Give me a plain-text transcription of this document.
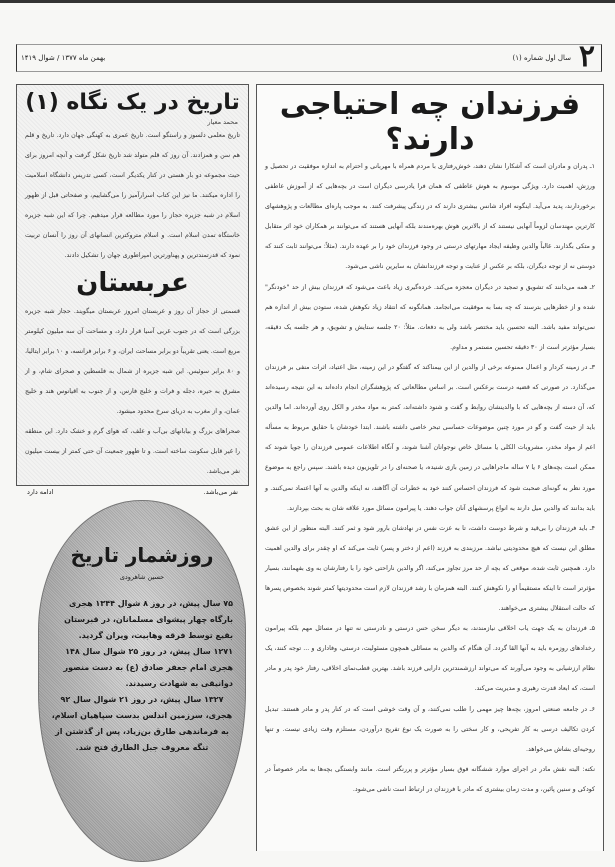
۲
سال اول شماره (۱)
بهمن ماه ۱۳۷۷ / شوال ۱۴۱۹
فرزندان چه احتیاجی دارند؟

۱ـ پدران و مادران است که آشکارا نشان دهند، خوش‌رفتاری با مردم همراه با مهربانی و احترام به اندازه موفقیت در تحصیل و ورزش، اهمیت دارد. ویژگی موسوم به هوش عاطفی که همان فرا یادرسی دیگران است در بچه‌هایی که از آموزش عاطفی برخوردارند، پدید می‌آید. اینگونه افراد شانس بیشتری دارند که در زندگی پیشرفت کنند. به موجب پاره‌ای مطالعات و پژوهشهای کارترین مهندسان لزوماً آنهایی نیستند که از بالاترین هوش بهره‌مندند بلکه آنهایی هستند که می‌توانند بر همکاران خود اثر متقابل و متکی بگذارند. غالباً والدین وظیفه ایجاد مهارتهای درستی در وجود فرزندان خود را بر عهده دارند. (مثلاً: می‌توانند ثابت کنند که دوستی نه از توجه دیگران، بلکه بر عکس از عنایت و توجه فرزندانشان به سایرین ناشی می‌شود.

۲ـ همه می‌دانند که تشویق و تمجید در دیگران معجزه می‌کند. خرده‌گیری زیاد باعث می‌شود که فرزندان بیش از حد "خودنگر" شده و از خطرهایی بترسند که چه بسا به موفقیت می‌انجامد. همانگونه که انتقاد زیاد نکوهش شده، ستودن بیش از اندازه هم نمی‌تواند مفید باشد. البته تحسین باید مختصر باشد ولی به دفعات. مثلاً: ۲۰ جلسه ستایش و تشویق، و هر جلسه یک دقیقه، بسیار مؤثرتر است از ۳۰ دقیقه تحسین مستمر و مداوم.

۳ـ در زمینه کردار و اعمال ممنوعه برخی از والدین از این بیمناکند که گفتگو در این زمینه، مثل اعتیاد، اثرات منفی بر فرزندان می‌گذارد. در صورتی که قضیه درست برعکس است. بر اساس مطالعاتی که پژوهشگران انجام داده‌اند به این نتیجه رسیده‌اند که، آن دسته از بچه‌هایی که با والدینشان روابط و گفت و شنود داشته‌اند، کمتر به مواد مخدر و الکل روی آورده‌اند. اما والدین باید از حیث گفت و گو در مورد چنین موضوعات حساسی تبحر خاصی داشته باشند. ابتدا خودشان با حقایق مربوط به مسأله اعم از مواد مخدر، مشروبات الکلی یا مسائل خاص نوجوانان آشنا شوند، و آنگاه اطلاعات عمومی فرزندان را جویا شوند که ممکن است بچه‌های ۶ یا ۷ ساله ماجراهایی در زمین بازی شنیده، یا صحنه‌ای را در تلویزیون دیده باشند. سپس راجع به موضوع مورد نظر به گونه‌ای صحبت شود که فرزندان احساس کنند خود به خطرات آن آگاهند، نه اینکه والدین به آنها اعتماد نمی‌کنند. و باید بدانند که والدین میل دارند به انواع پرسشهای آنان جواب دهند. یا پیرامون مسائل مورد علاقه شان به بحث بپردازند.

۴ـ باید فرزندان را بی‌قید و شرط دوست داشت، تا به عزت نفس در نهادشان بارور شود و ثمر کنند. البته منظور از این عشق مطلق این نیست که هیچ محدودیتی نباشد. مرزبندی به فرزند (اعم از دختر و پسر) ثابت می‌کند که او چقدر برای والدین اهمیت دارد. همچنین ثابت شده، موقعی که بچه از حد مرز تجاوز می‌کند، اگر والدین ناراحتی خود را با رفتارشان به وی بفهمانند، بسیار مؤثرتر است تا اینکه مستقیماً او را نکوهش کنند. البته همزمان با رشد فرزندان لازم است محدودیتها کمتر شوند بخصوص پسرها که حالت استقلال بیشتری می‌خواهند.

۵ـ فرزندان به یک جهت یاب اخلاقی نیازمندند، به دیگر سخن حس درستی و نادرستی نه تنها در مسائل مهم بلکه پیرامون رخدادهای روزمره باید به آنها القا گردد. آن هنگام که والدین به مسائلی همچون مسئولیت، درستی، وفاداری و ... توجه کنند، یک نظام ارزشیابی به وجود می‌آورند که می‌تواند ارزشمندترین دارایی فرزند باشد. بهترین قطب‌نمای اخلاقی، رفتار خود پدر و مادر است، که ابعاد قدرت رهبری و مدیریت می‌کند.

۶ـ در جامعه صنعتی امروز، بچه‌ها چیز مهمی را طلب نمی‌کنند، و آن وقت خوشی است که در کنار پدر و مادر هستند. تبدیل کردن تکالیف درسی به کار تفریحی، و کار سختی را به صورت یک نوع تفریح درآوردن، مستلزم وقت زیادی نیست. و تنها روحیه‌ای بشاش می‌خواهد.

نکته: البته نقش مادر در اجرای موارد ششگانه فوق بسیار مؤثرتر و پررنگتر است. مانند وابستگی بچه‌ها به مادر خصوصاً در کودکی و سنین پائین، و مدت زمان بیشتری که مادر با فرزندان در ارتباط است ناشی می‌شود.

تاریخ در یک نگاه (۱)
محمد معیار

تاریخ معلمی دلسوز و راستگو است. تاریخ عمری به کهنگی جهان دارد. تاریخ و قلم هم سن و همزادند. آن روز که قلم متولد شد تاریخ شکل گرفت و آنچه امروز برای حیث مجموعه دو بار هستی در کنار یکدیگر است، کسی تدریس دانشگاه اسلامیت را اداره میکنند. ما نیز این کتاب اسرارآمیز را می‌گشاییم، و صفحاتی قبل از ظهور اسلام در شبه جزیره حجاز را مورد مطالعه قرار میدهیم. چرا که این شبه جزیره خاستگاه تمدن اسلام است. و اسلام متروکترین انسانهای آن روز را آنسان تربیت نمود که قدرتمندترین و پهناورترین امپراطوری جهان را تشکیل دادند.

عربستان

قسمتی از حجاز آن روز و عربستان امروز عربستان میگویند. حجاز شبه جزیره بزرگی است که در جنوب غربی آسیا قرار دارد، و مساحت آن سه میلیون کیلومتر مربع است. یعنی تقریباً دو برابر مساحت ایران، و ۶ برابر فرانسه، و ۱۰ برابر ایتالیا، و ۸۰ برابر سوئیس. این شبه جزیره از شمال به فلسطین و صحرای شام، و از مشرق به حیره، دجله و فرات و خلیج فارس، و از جنوب به اقیانوس هند و خلیج عمان، و از مغرب به دریای سرخ محدود میشود.

صحراهای بزرگ و بیابانهای بی‌آب و علف، که هوای گرم و خشک دارد. این منطقه را غیر قابل سکونت ساخته است. و تا ظهور جمعیت آن حتی کمتر از بیست میلیون نفر می‌باشد.

نفر می‌باشد.
ادامه دارد
روزشمار تاریخ
حسین شاهرودی

۷۵ سال پیش، در روز ۸ شوال ۱۳۴۴ هجری بارگاه چهار پیشوای مسلمانان، در قبرستان بقیع توسط فرقه وهابیت، ویران گردید.

۱۲۷۱ سال پیش، در روز ۲۵ شوال سال ۱۴۸ هجری امام جعفر صادق (ع) به دست منصور دوانیقی به شهادت رسیدند.

۱۳۲۷ سال پیش، در روز ۲۱ شوال سال ۹۲ هجری، سرزمین اندلس بدست سپاهیان اسلام، به فرماندهی طارق بن‌زیاد، پس از گذشتن از تنگه معروف جبل الطارق فتح شد.
